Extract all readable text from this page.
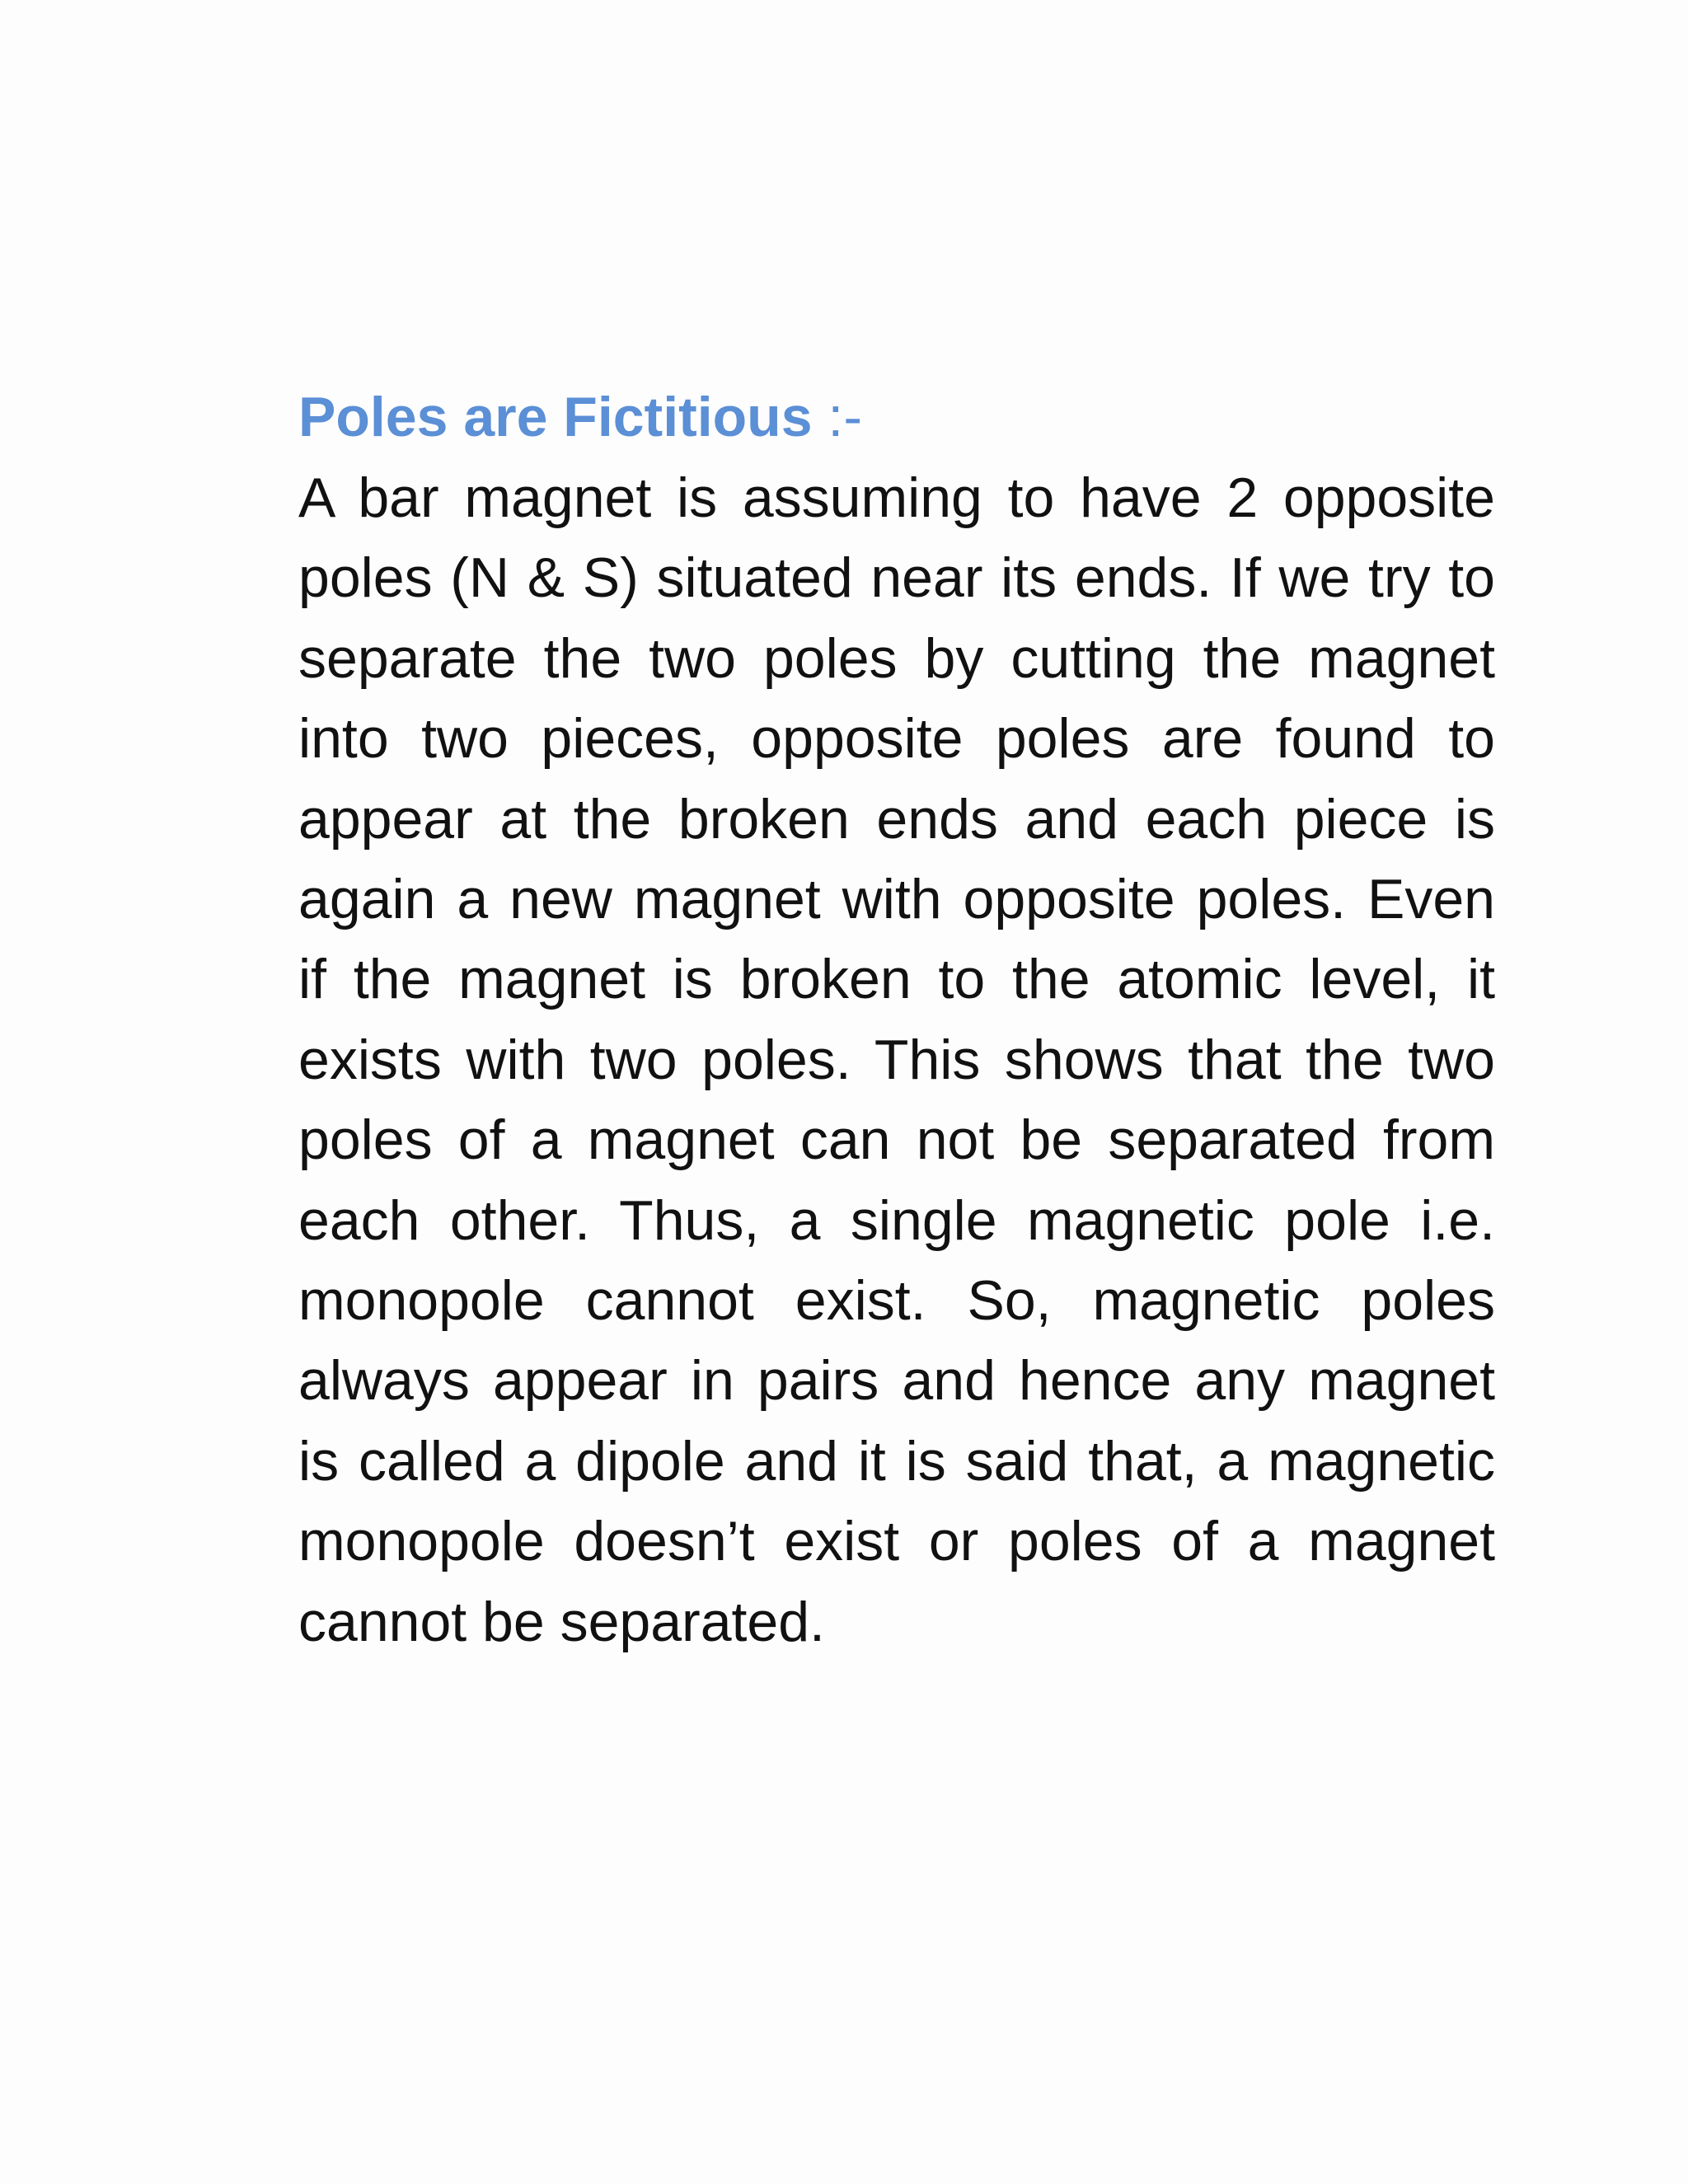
Poles are Fictitious :-

A bar magnet is assuming to have 2 opposite poles (N & S) situated near its ends. If we try to separate the two poles by cutting the magnet into two pieces, opposite poles are found to appear at the broken ends and each piece is again a new magnet with opposite poles. Even if the magnet is broken to the atomic level, it exists with two poles. This shows that the two poles of a magnet can not be separated from each other. Thus, a single magnetic pole i.e. monopole cannot exist. So, magnetic poles always appear in pairs and hence any magnet is called a dipole and it is said that, a magnetic monopole doesn’t exist or poles of a magnet cannot be separated.
